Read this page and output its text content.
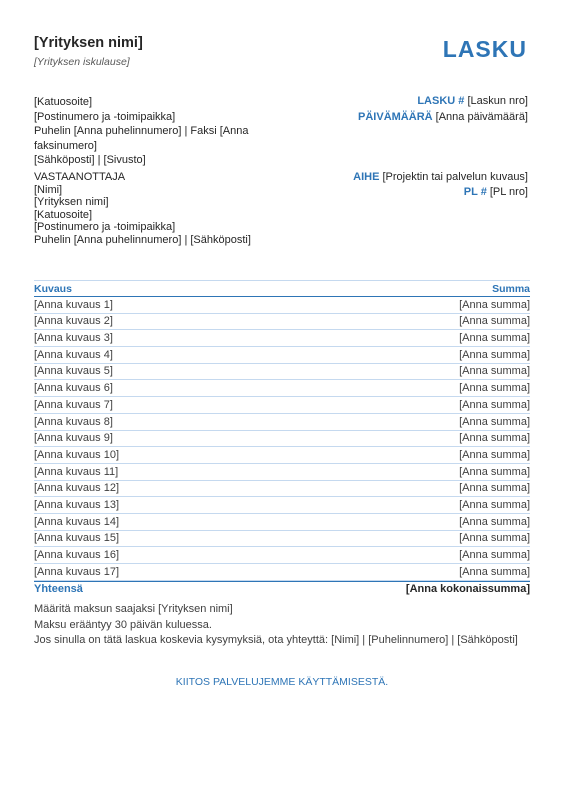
[Yrityksen nimi]
[Yrityksen iskulause]	LASKU
[Katuosoite]
[Postinumero ja -toimipaikka]
Puhelin [Anna puhelinnumero] | Faksi [Anna faksinumero]
[Sähköposti] | [Sivusto]
VASTAANOTTAJA
[Nimi]
[Yrityksen nimi]
[Katuosoite]
[Postinumero ja -toimipaikka]
Puhelin [Anna puhelinnumero] | [Sähköposti]
LASKU # [Laskun nro]
PÄIVÄMÄÄRÄ [Anna päivämäärä]
AIHE [Projektin tai palvelun kuvaus]
PL # [PL nro]
Kuvaus	Summa
[Anna kuvaus 1]	[Anna summa]
[Anna kuvaus 2]	[Anna summa]
[Anna kuvaus 3]	[Anna summa]
[Anna kuvaus 4]	[Anna summa]
[Anna kuvaus 5]	[Anna summa]
[Anna kuvaus 6]	[Anna summa]
[Anna kuvaus 7]	[Anna summa]
[Anna kuvaus 8]	[Anna summa]
[Anna kuvaus 9]	[Anna summa]
[Anna kuvaus 10]	[Anna summa]
[Anna kuvaus 11]	[Anna summa]
[Anna kuvaus 12]	[Anna summa]
[Anna kuvaus 13]	[Anna summa]
[Anna kuvaus 14]	[Anna summa]
[Anna kuvaus 15]	[Anna summa]
[Anna kuvaus 16]	[Anna summa]
[Anna kuvaus 17]	[Anna summa]
Yhteensä	[Anna kokonaissumma]
Määritä maksun saajaksi [Yrityksen nimi]
Maksu erääntyy 30 päivän kuluessa.
Jos sinulla on tätä laskua koskevia kysymyksiä, ota yhteyttä: [Nimi] | [Puhelinnumero] | [Sähköposti]
KIITOS PALVELUJEMME KÄYTTÄMISESTÄ.
